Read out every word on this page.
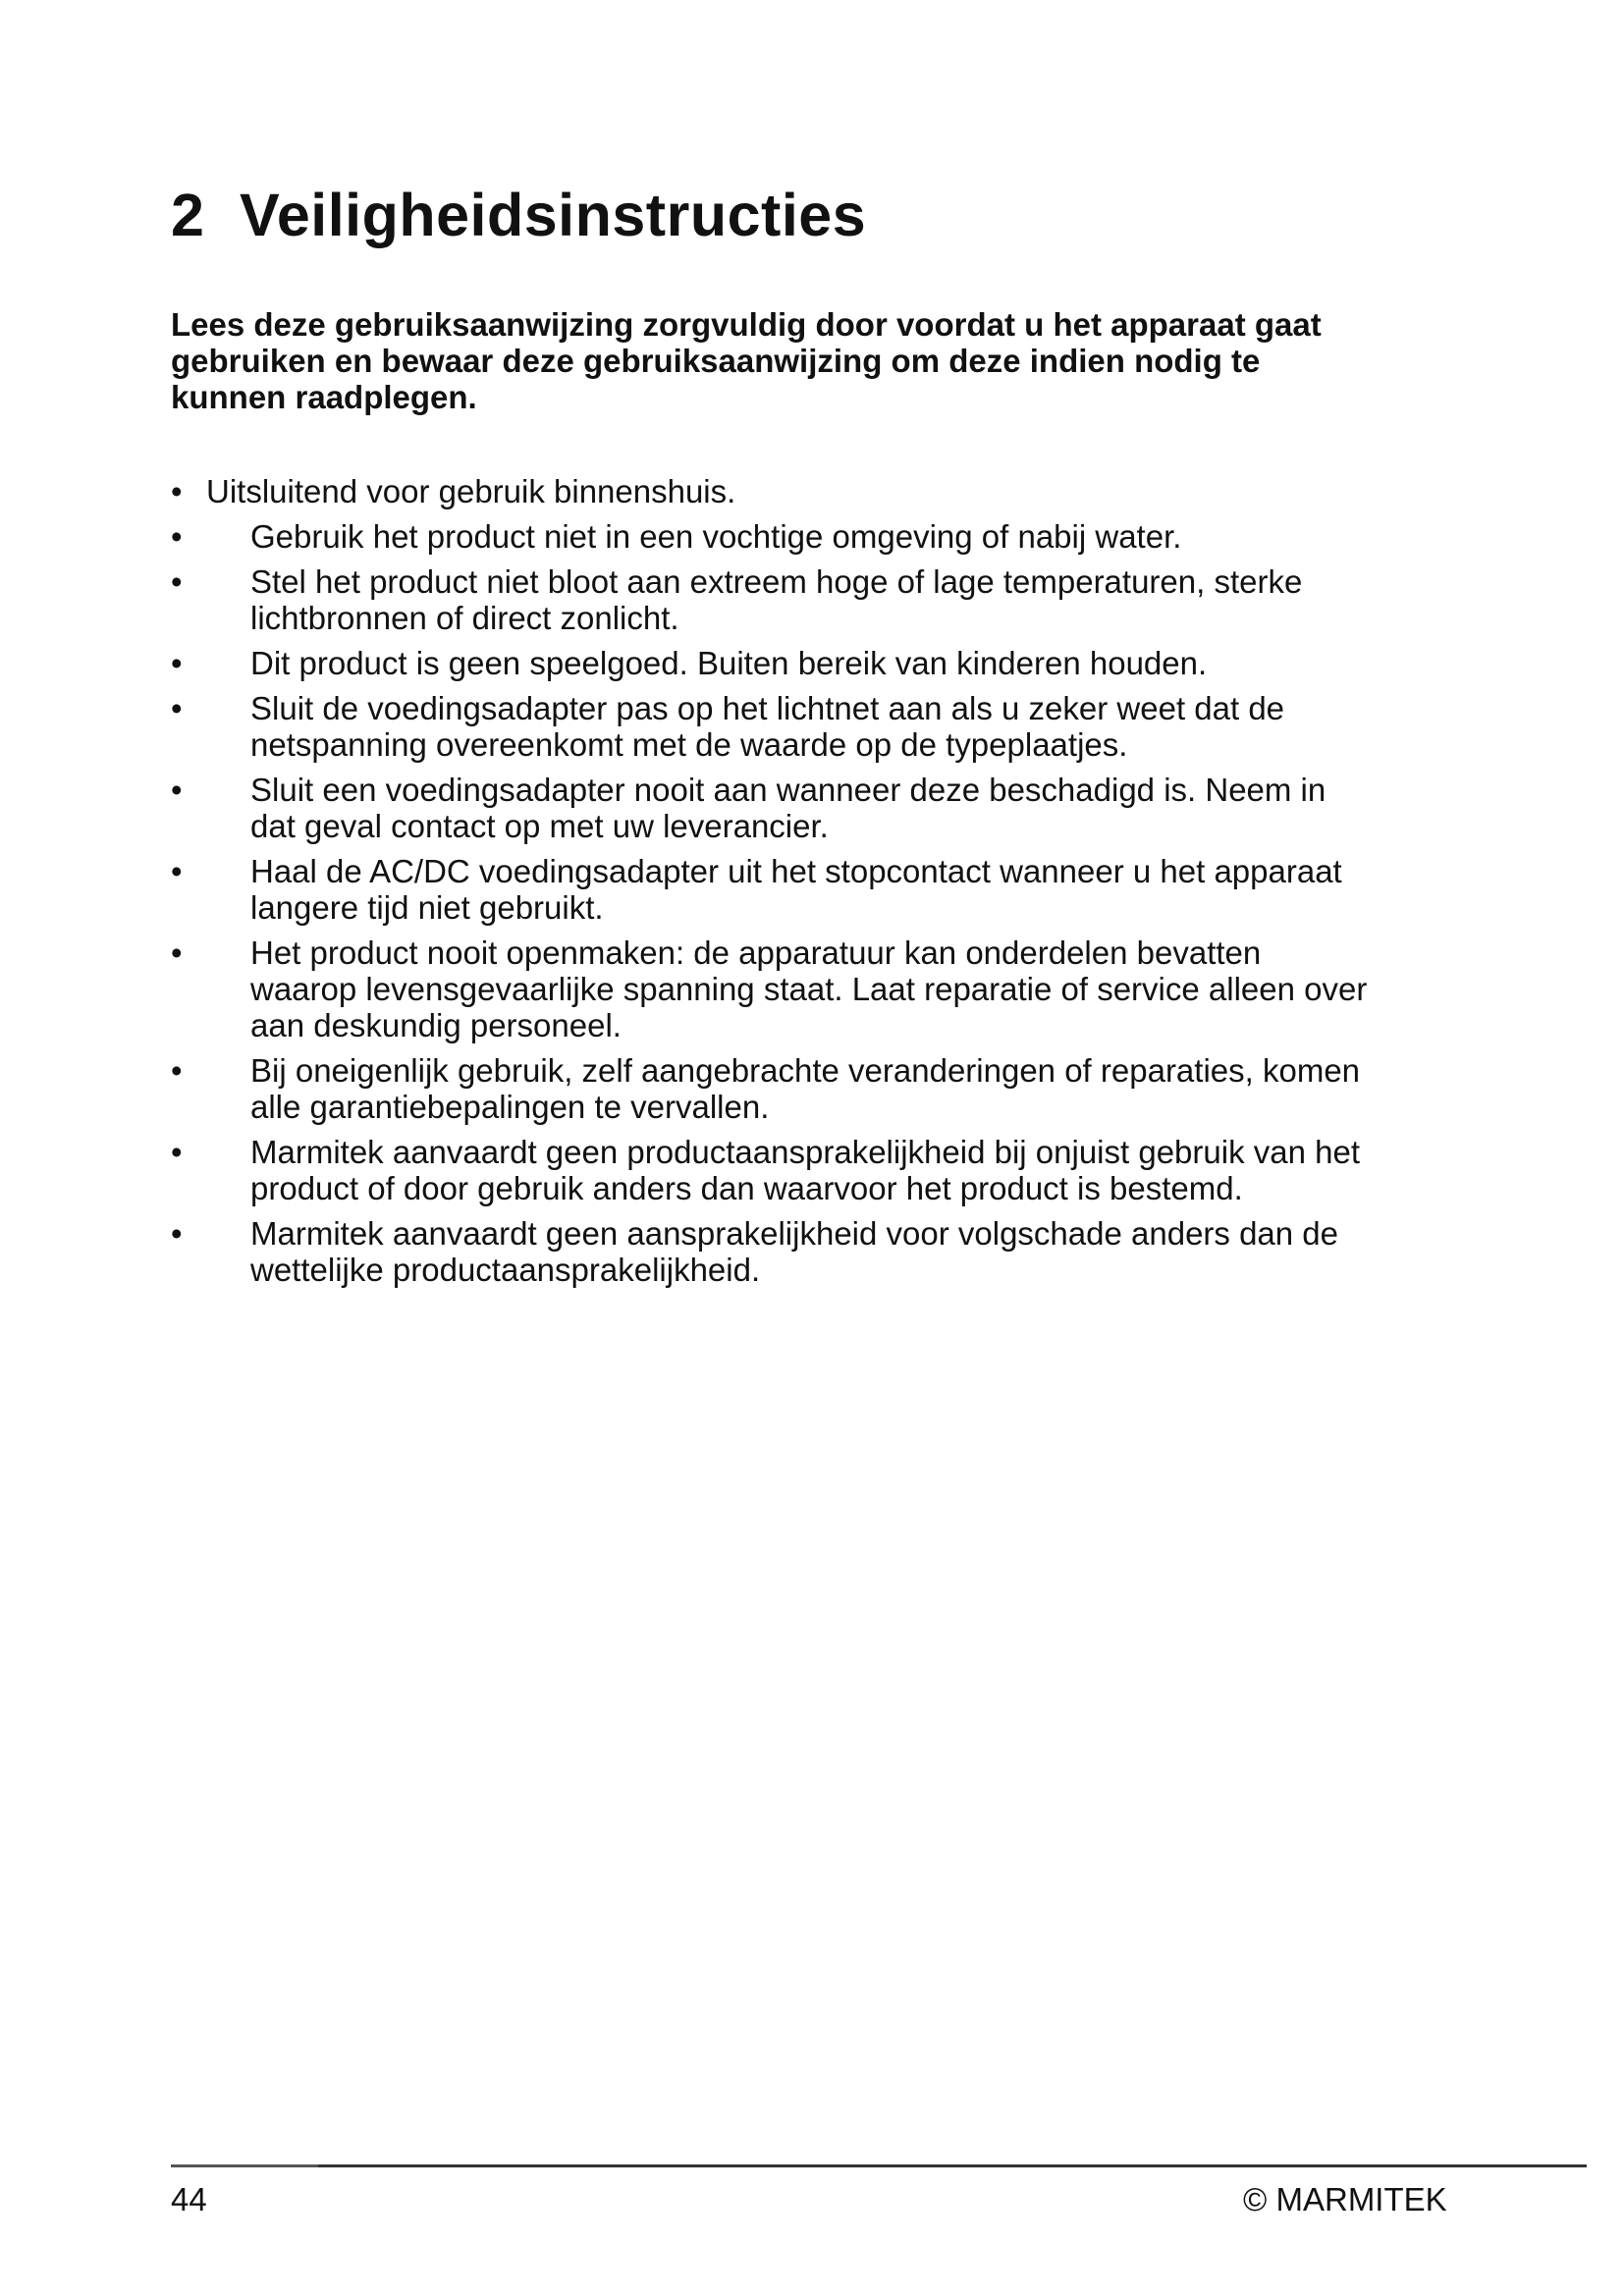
2 Veiligheidsinstructies

Lees deze gebruiksaanwijzing zorgvuldig door voordat u het apparaat gaat
gebruiken en bewaar deze gebruiksaanwijzing om deze indien nodig te
kunnen raadplegen.

• Uitsluitend voor gebruik binnenshuis.
• Gebruik het product niet in een vochtige omgeving of nabij water.
• Stel het product niet bloot aan extreem hoge of lage temperaturen, sterke
lichtbronnen of direct zonlicht.
• Dit product is geen speelgoed. Buiten bereik van kinderen houden.
• Sluit de voedingsadapter pas op het lichtnet aan als u zeker weet dat de
netspanning overeenkomt met de waarde op de typeplaatjes.
• Sluit een voedingsadapter nooit aan wanneer deze beschadigd is. Neem in
dat geval contact op met uw leverancier.
• Haal de AC/DC voedingsadapter uit het stopcontact wanneer u het apparaat
langere tijd niet gebruikt.
• Het product nooit openmaken: de apparatuur kan onderdelen bevatten
waarop levensgevaarlijke spanning staat. Laat reparatie of service alleen over
aan deskundig personeel.
• Bij oneigenlijk gebruik, zelf aangebrachte veranderingen of reparaties, komen
alle garantiebepalingen te vervallen.
• Marmitek aanvaardt geen productaansprakelijkheid bij onjuist gebruik van het
product of door gebruik anders dan waarvoor het product is bestemd.
• Marmitek aanvaardt geen aansprakelijkheid voor volgschade anders dan de
wettelijke productaansprakelijkheid.
44	© MARMITEK
